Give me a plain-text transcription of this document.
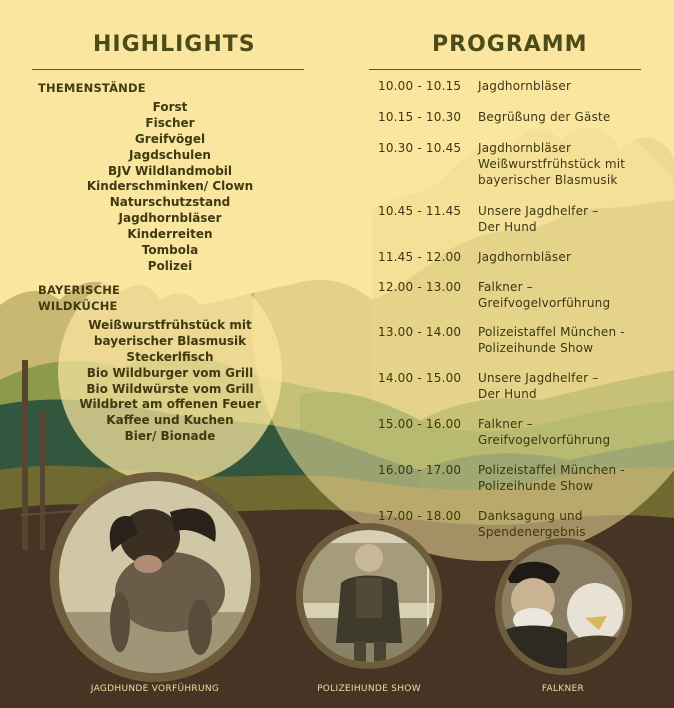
HIGHLIGHTS
THEMENSTÄNDE
Forst
Fischer
Greifvögel
Jagdschulen
BJV Wildlandmobil
Kinderschminken/ Clown
Naturschutzstand
Jagdhornbläser
Kinderreiten
Tombola
Polizei
BAYERISCHE
WILDKÜCHE
Weißwurstfrühstück mit
bayerischer Blasmusik
Steckerlfisch
Bio Wildburger vom Grill
Bio Wildwürste vom Grill
Wildbret am offenen Feuer
Kaffee und Kuchen
Bier/ Bionade
PROGRAMM
10.00 - 10.15 Jagdhornbläser
10.15 - 10.30 Begrüßung der Gäste
10.30 - 10.45 Jagdhornbläser
Weißwurstfrühstück mit
bayerischer Blasmusik
10.45 - 11.45 Unsere Jagdhelfer –
Der Hund
11.45 - 12.00 Jagdhornbläser
12.00 - 13.00 Falkner –
Greifvogelvorführung
13.00 - 14.00 Polizeistaffel München -
Polizeihunde Show
14.00 - 15.00 Unsere Jagdhelfer –
Der Hund
15.00 - 16.00 Falkner –
Greifvogelvorführung
16.00 - 17.00 Polizeistaffel München -
Polizeihunde Show
17.00 - 18.00 Danksagung und
Spendenergebnis

JAGDHUNDE VORFÜHRUNG	POLIZEIHUNDE SHOW	FALKNER
